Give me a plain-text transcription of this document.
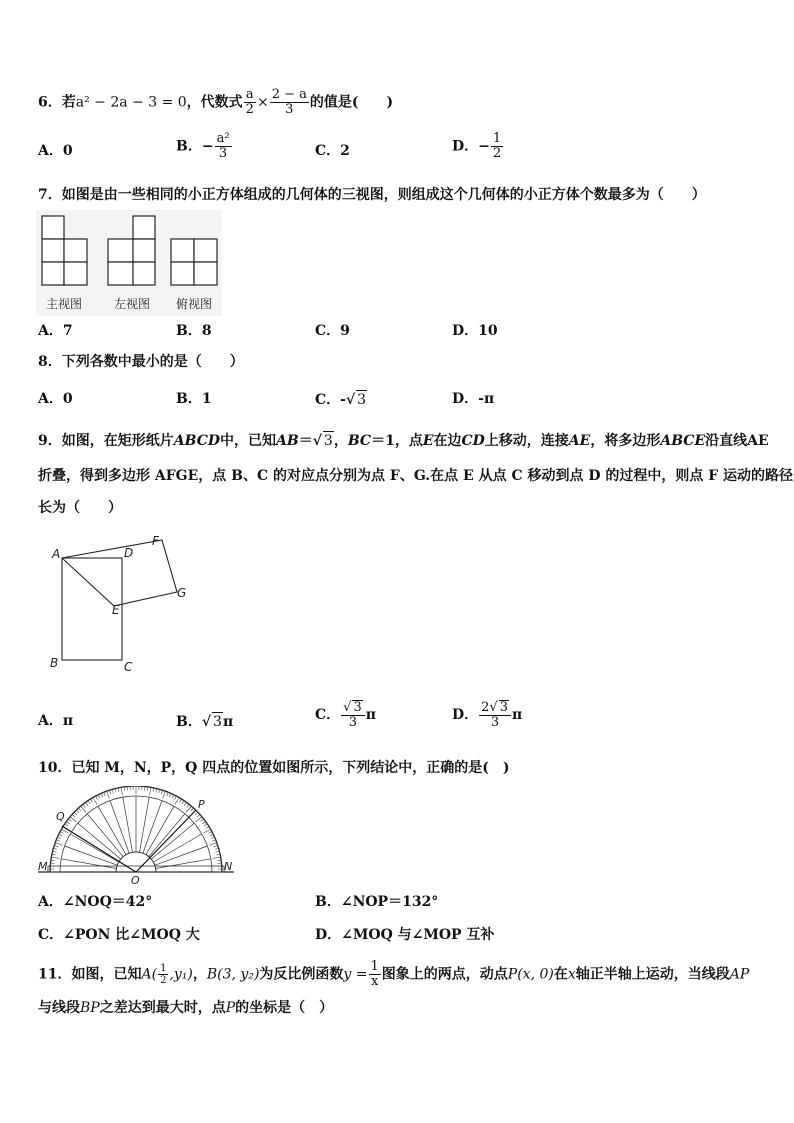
6．若a² − 2a − 3 = 0，代数式 $\frac{a}{2} \times \frac{2 - a}{3}$ 的值是(　　)
A．0	B．− $\frac{\text{a²}}{3}$	C．2	D．− $\frac{1}{2}$
7．如图是由一些相同的小正方体组成的几何体的三视图，则组成这个几何体的小正方体个数最多为（　　）
主视图	左视图 俯视图
A．7	B．8	C．9	D．10
8．下列各数中最小的是（　　）
A．0	B．1	C．-√ 3	D．-π
9．如图，在矩形纸片ABCD中，已知AB＝√ 3，BC＝1，点E在边CD上移动，连接AE，将多边形ABCE沿直线AE
折叠，得到多边形 AFGE，点 B、C 的对应点分别为点 F、G.在点 E 从点 C 移动到点 D 的过程中，则点 F 运动的路径
长为（　　）
A	D
F
E
G
B	C
A．π	B．√ 3π	C． $\frac{√ 3}{3}$ π	D． $\frac{2√ 3}{3}$ π
10．已知 M，N，P，Q 四点的位置如图所示，下列结论中，正确的是(　)
Q
P
M	N
O
A．∠NOQ＝42°	B．∠NOP＝132°
C．∠PON 比∠MOQ 大	D．∠MOQ 与∠MOP 互补
11．如图，已知$A( \frac{1}{2} ,y_1)$，B(3, y₂)为反比例函数$y = \frac{1}{x}$ 图象上的两点，动点P(x, 0)在x轴正半轴上运动，当线段AP
与线段BP之差达到最大时，点P的坐标是（　）
